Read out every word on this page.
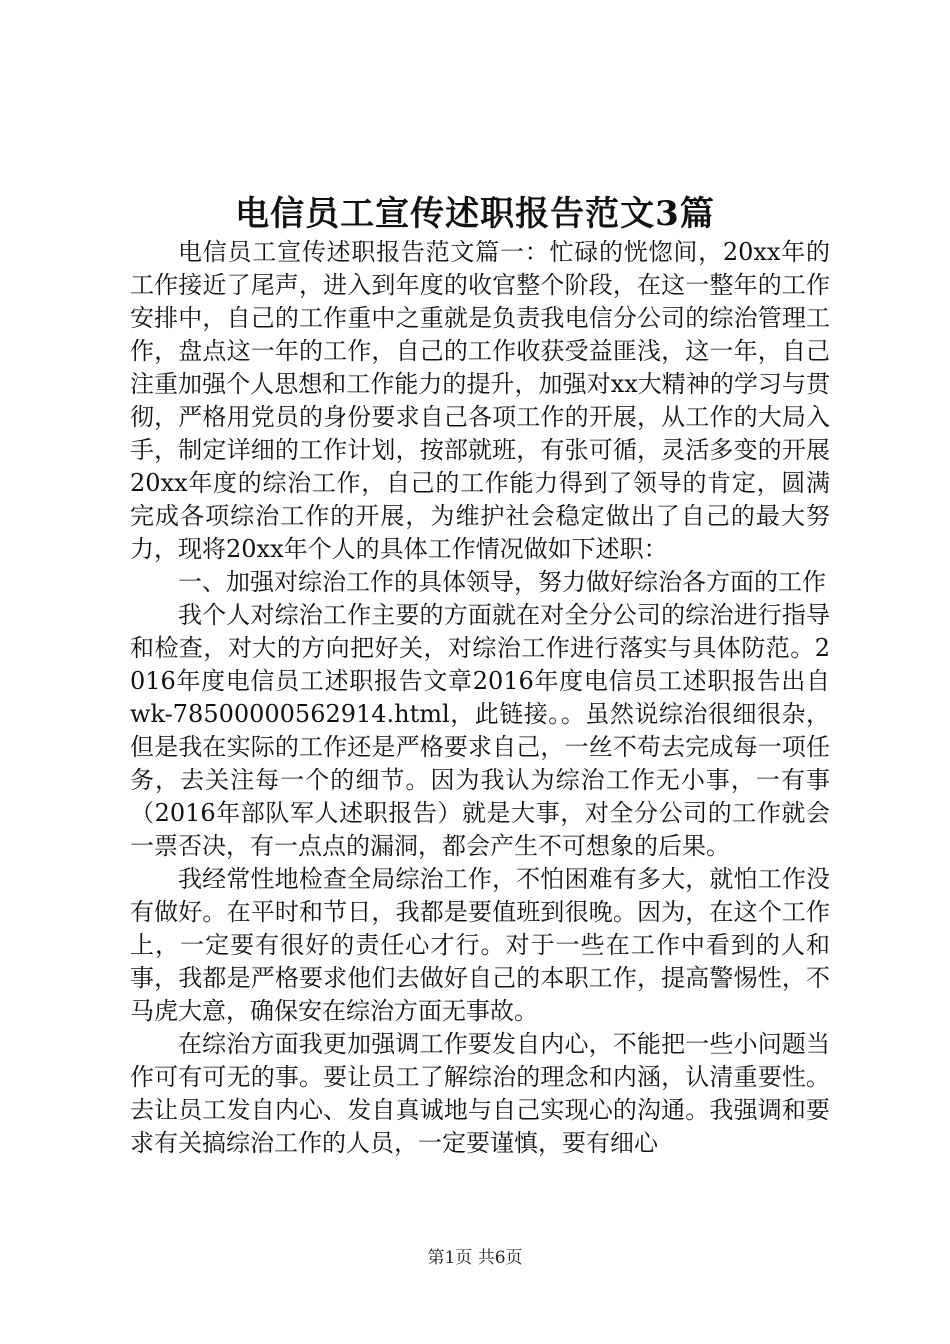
电信员工宣传述职报告范文3篇

电信员工宣传述职报告范文篇一：忙碌的恍惚间，20xx年的工作接近了尾声，进入到年度的收官整个阶段，在这一整年的工作安排中，自己的工作重中之重就是负责我电信分公司的综治管理工作，盘点这一年的工作，自己的工作收获受益匪浅，这一年，自己注重加强个人思想和工作能力的提升，加强对xx大精神的学习与贯彻，严格用党员的身份要求自己各项工作的开展，从工作的大局入手，制定详细的工作计划，按部就班，有张可循，灵活多变的开展20xx年度的综治工作，自己的工作能力得到了领导的肯定，圆满完成各项综治工作的开展，为维护社会稳定做出了自己的最大努力，现将20xx年个人的具体工作情况做如下述职：

一、加强对综治工作的具体领导，努力做好综治各方面的工作

我个人对综治工作主要的方面就在对全分公司的综治进行指导和检查，对大的方向把好关，对综治工作进行落实与具体防范。2016年度电信员工述职报告文章2016年度电信员工述职报告出自wk-78500000562914.html，此链接。。虽然说综治很细很杂，但是我在实际的工作还是严格要求自己，一丝不苟去完成每一项任务，去关注每一个的细节。因为我认为综治工作无小事，一有事（2016年部队军人述职报告）就是大事，对全分公司的工作就会一票否决，有一点点的漏洞，都会产生不可想象的后果。

我经常性地检查全局综治工作，不怕困难有多大，就怕工作没有做好。在平时和节日，我都是要值班到很晚。因为，在这个工作上，一定要有很好的责任心才行。对于一些在工作中看到的人和事，我都是严格要求他们去做好自己的本职工作，提高警惕性，不马虎大意，确保安在综治方面无事故。

在综治方面我更加强调工作要发自内心，不能把一些小问题当作可有可无的事。要让员工了解综治的理念和内涵，认清重要性。去让员工发自内心、发自真诚地与自己实现心的沟通。我强调和要求有关搞综治工作的人员，一定要谨慎，要有细心

第1页 共6页
